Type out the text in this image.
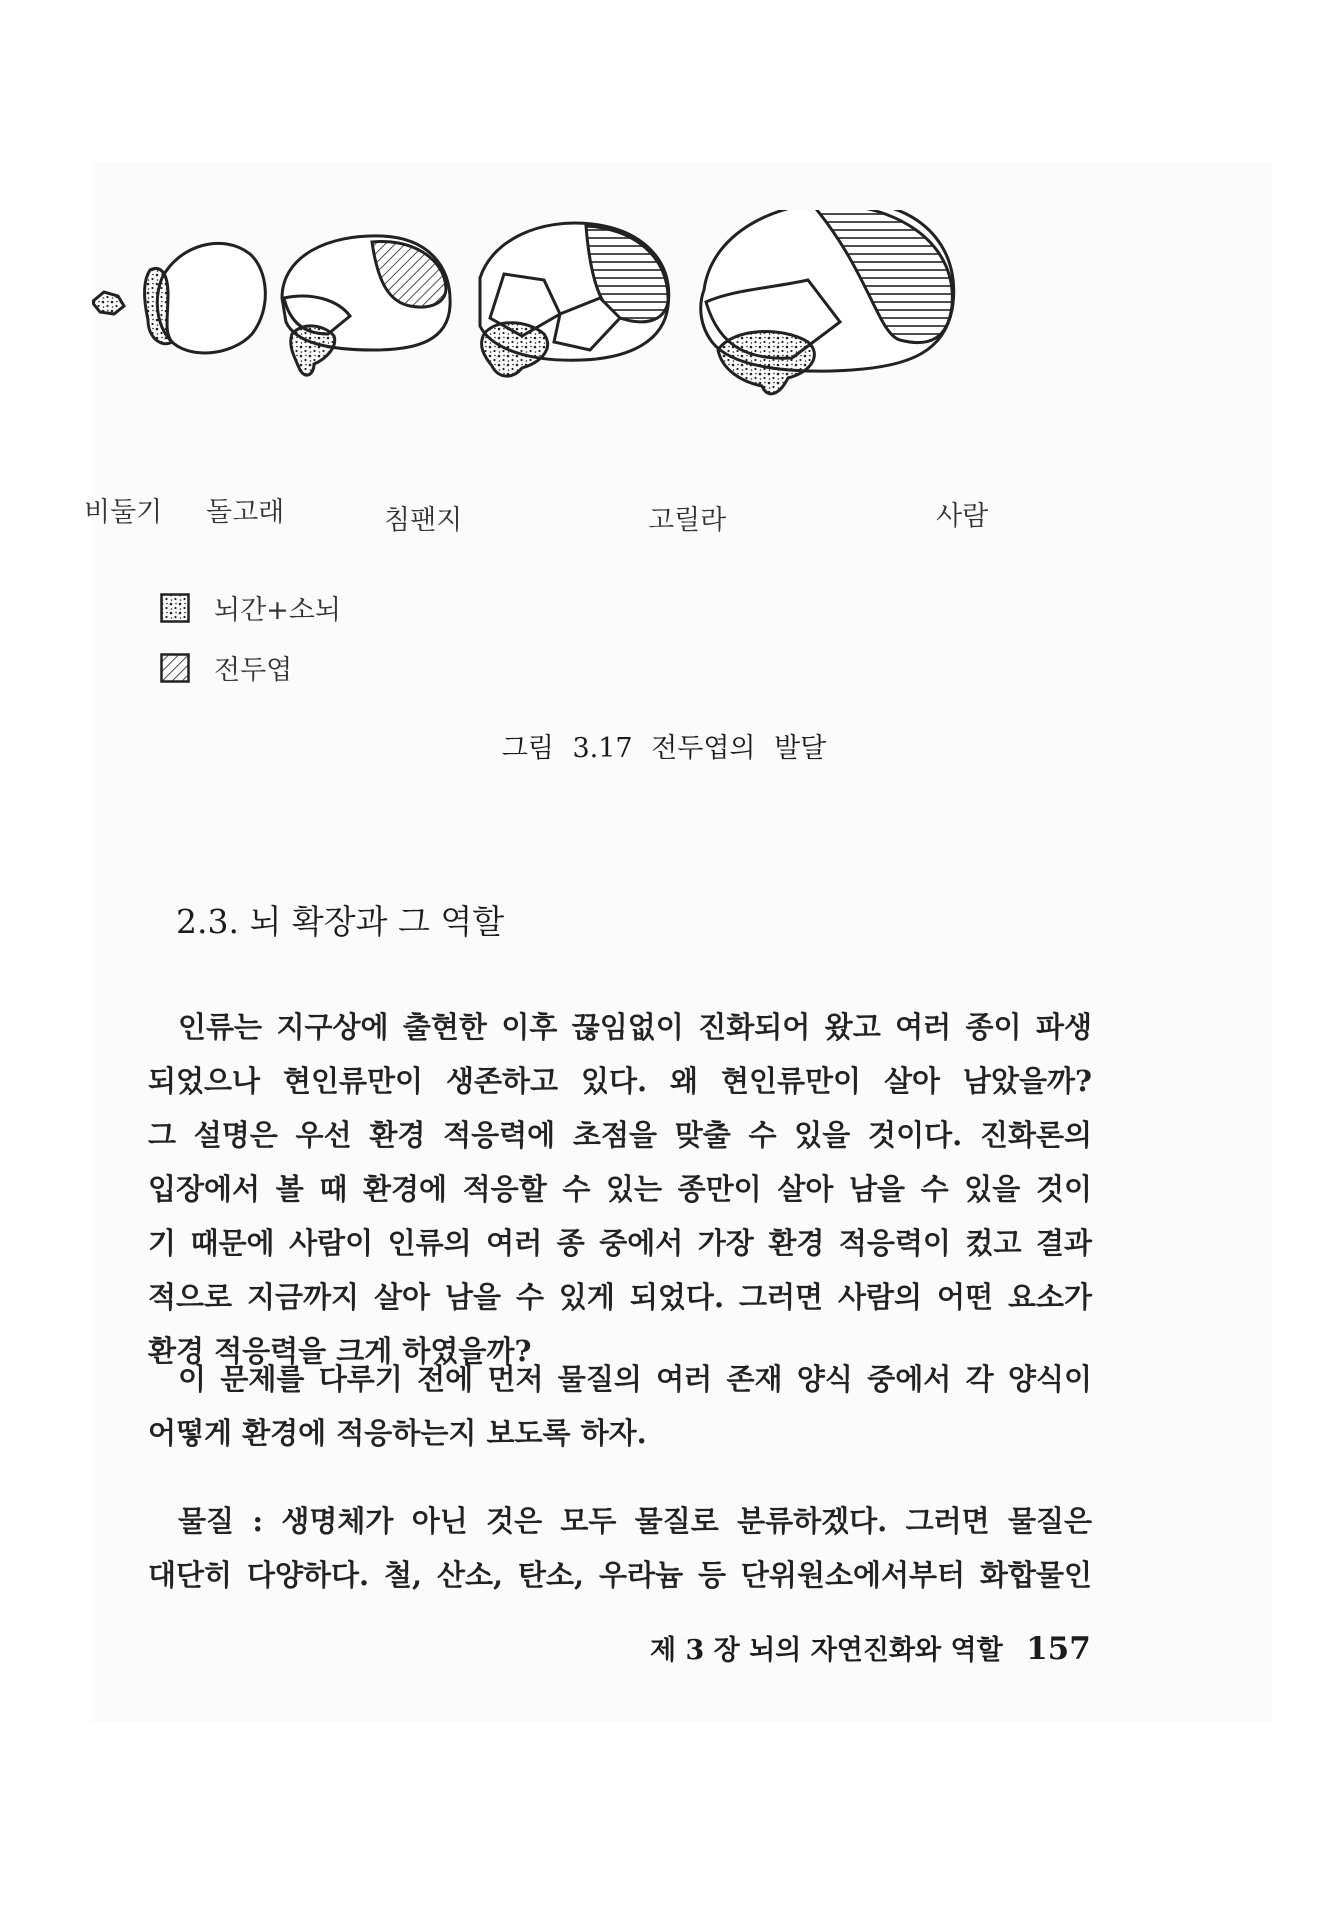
비둘기 돌고래	침팬지	고릴라	사람
뇌간+소뇌
전두엽
그림 3.17 전두엽의 발달
2.3. 뇌 확장과 그 역할
인류는 지구상에 출현한 이후 끊임없이 진화되어 왔고 여러 종이 파생
되었으나 현인류만이 생존하고 있다. 왜 현인류만이 살아 남았을까?
그 설명은 우선 환경 적응력에 초점을 맞출 수 있을 것이다. 진화론의
입장에서 볼 때 환경에 적응할 수 있는 종만이 살아 남을 수 있을 것이
기 때문에 사람이 인류의 여러 종 중에서 가장 환경 적응력이 컸고 결과
적으로 지금까지 살아 남을 수 있게 되었다. 그러면 사람의 어떤 요소가
환경 적응력을 크게 하였을까?
이 문제를 다루기 전에 먼저 물질의 여러 존재 양식 중에서 각 양식이
어떻게 환경에 적응하는지 보도록 하자.
물질 : 생명체가 아닌 것은 모두 물질로 분류하겠다. 그러면 물질은
대단히 다양하다. 철, 산소, 탄소, 우라늄 등 단위원소에서부터 화합물인
제 3 장 뇌의 자연진화와 역할 157
